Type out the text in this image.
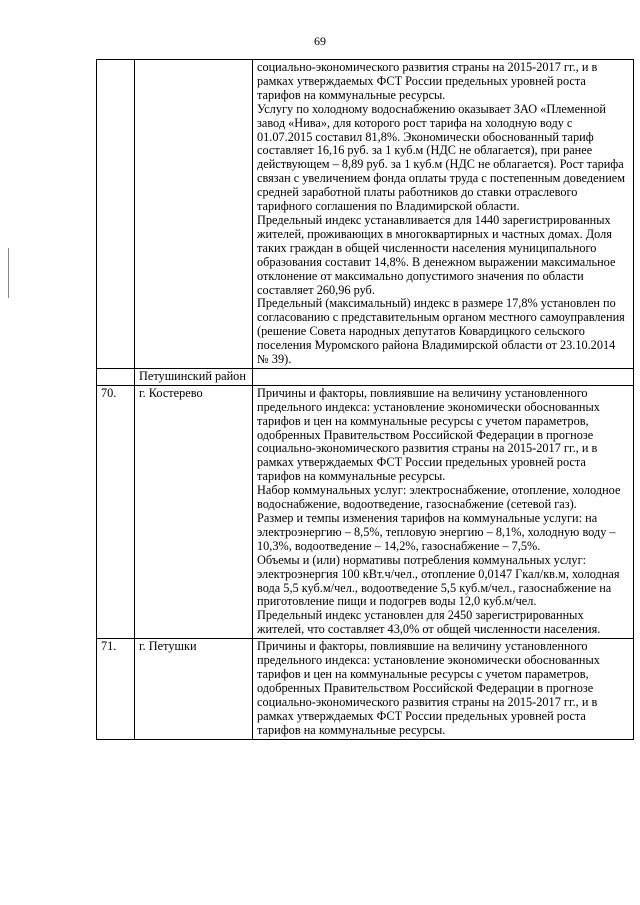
69

		социально-экономического развития страны на 2015-2017 гг., и в рамках утверждаемых ФСТ России предельных уровней роста тарифов на коммунальные ресурсы.

Услугу по холодному водоснабжению оказывает ЗАО «Племенной завод «Нива», для которого рост тарифа на холодную воду с 01.07.2015 составил 81,8%. Экономически обоснованный тариф составляет 16,16 руб. за 1 куб.м (НДС не облагается), при ранее действующем – 8,89 руб. за 1 куб.м (НДС не облагается). Рост тарифа связан с увеличением фонда оплаты труда с постепенным доведением средней заработной платы работников до ставки отраслевого тарифного соглашения по Владимирской области.

Предельный индекс устанавливается для 1440 зарегистрированных жителей, проживающих в многоквартирных и частных домах. Доля таких граждан в общей численности населения муниципального образования составит 14,8%. В денежном выражении максимальное отклонение от максимально допустимого значения по области составляет 260,96 руб.

Предельный (максимальный) индекс в размере 17,8% установлен по согласованию с представительным органом местного самоуправления (решение Совета народных депутатов Ковардицкого сельского поселения Муромского района Владимирской области от 23.10.2014 № 39).

	Петушинский район	
70.	г. Костерево	Причины и факторы, повлиявшие на величину установленного предельного индекса: установление экономически обоснованных тарифов и цен на коммунальные ресурсы с учетом параметров, одобренных Правительством Российской Федерации в прогнозе социально-экономического развития страны на 2015-2017 гг., и в рамках утверждаемых ФСТ России предельных уровней роста тарифов на коммунальные ресурсы.

Набор коммунальных услуг: электроснабжение, отопление, холодное водоснабжение, водоотведение, газоснабжение (сетевой газ).

Размер и темпы изменения тарифов на коммунальные услуги: на электроэнергию – 8,5%, тепловую энергию – 8,1%, холодную воду – 10,3%, водоотведение – 14,2%, газоснабжение – 7,5%.

Объемы и (или) нормативы потребления коммунальных услуг: электроэнергия 100 кВт.ч/чел., отопление 0,0147 Гкал/кв.м, холодная вода 5,5 куб.м/чел., водоотведение 5,5 куб.м/чел., газоснабжение на приготовление пищи и подогрев воды 12,0 куб.м/чел.

Предельный индекс установлен для 2450 зарегистрированных жителей, что составляет 43,0% от общей численности населения.

71.	г. Петушки	Причины и факторы, повлиявшие на величину установленного предельного индекса: установление экономически обоснованных тарифов и цен на коммунальные ресурсы с учетом параметров, одобренных Правительством Российской Федерации в прогнозе социально-экономического развития страны на 2015-2017 гг., и в рамках утверждаемых ФСТ России предельных уровней роста тарифов на коммунальные ресурсы.
